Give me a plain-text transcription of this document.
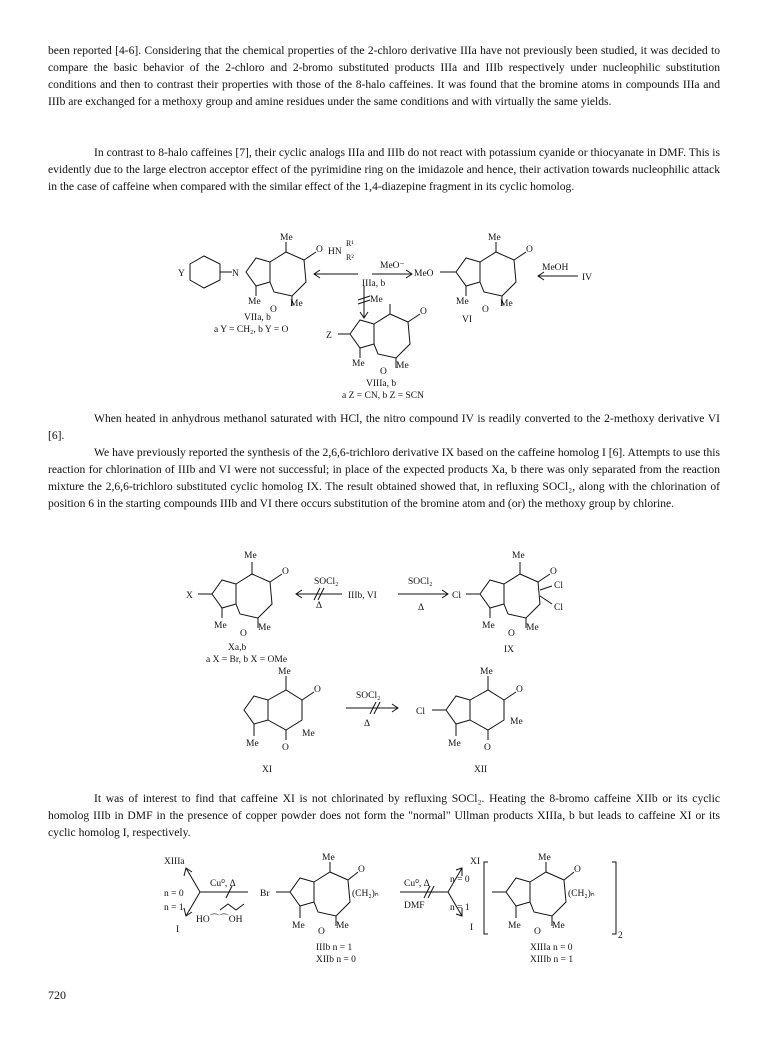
been reported [4-6]. Considering that the chemical properties of the 2-chloro derivative IIIa have not previously been studied, it was decided to compare the basic behavior of the 2-chloro and 2-bromo substituted products IIIa and IIIb respectively under nucleophilic substitution conditions and then to contrast their properties with those of the 8-halo caffeines. It was found that the bromine atoms in compounds IIIa and IIIb are exchanged for a methoxy group and amine residues under the same conditions and with virtually the same yields.

In contrast to 8-halo caffeines [7], their cyclic analogs IIIa and IIIb do not react with potassium cyanide or thiocyanate in DMF. This is evidently due to the large electron acceptor effect of the pyrimidine ring on the imidazole and hence, their activation towards nucleophilic attack in the case of caffeine when compared with the similar effect of the 1,4-diazepine fragment in its cyclic homolog.

Y	N
Me
O
Me
O
Me
VIIa, b
a Y = CH₂, b Y = O
HN
R¹
R²
IIIa, b
MeO⁻
MeO
Me
O
Me
O
Me
VI
MeOH
IV
Me
Z
O
Me
O
Me
VIIIa, b
a Z = CN, b Z = SCN

When heated in anhydrous methanol saturated with HCl, the nitro compound IV is readily converted to the 2-methoxy derivative VI [6].

We have previously reported the synthesis of the 2,6,6-trichloro derivative IX based on the caffeine homolog I [6]. Attempts to use this reaction for chlorination of IIIb and VI were not successful; in place of the expected products Xa, b there was only separated from the reaction mixture the 2,6,6-trichloro substituted cyclic homolog IX. The result obtained showed that, in refluxing SOCl₂, along with the chlorination of position 6 in the starting compounds IIIb and VI there occurs substitution of the bromine atom and (or) the methoxy group by chlorine.

X
Me
O
Me
O
Me
Xa,b
a X = Br, b X = OMe
SOCl₂
Δ
IIIb, VI
SOCl₂
Δ
Cl
Me
O
Cl
Cl
Me
O
Me
IX
Me
O
Me O
Me
XI
SOCl₂
Δ
Cl
Me
O
Me
Me O
XII

It was of interest to find that caffeine XI is not chlorinated by refluxing SOCl₂. Heating the 8-bromo caffeine XIIb or its cyclic homolog IIIb in DMF in the presence of copper powder does not form the "normal" Ullman products XIIIa, b but leads to caffeine XI or its cyclic homolog I, respectively.

XIIIa
n = 0
n = 1
Cu⁰, Δ
HO⌒⌒OH
I
Br
Me
O
(CH₂)ₙ
Me
O
Me
IIIb n = 1
XIIb n = 0
Cu⁰, Δ
DMF
XI
n = 0
n = 1
I
Me
O
(CH₂)ₙ
Me
O
Me
2
XIIIa n = 0
XIIIb n = 1
720
